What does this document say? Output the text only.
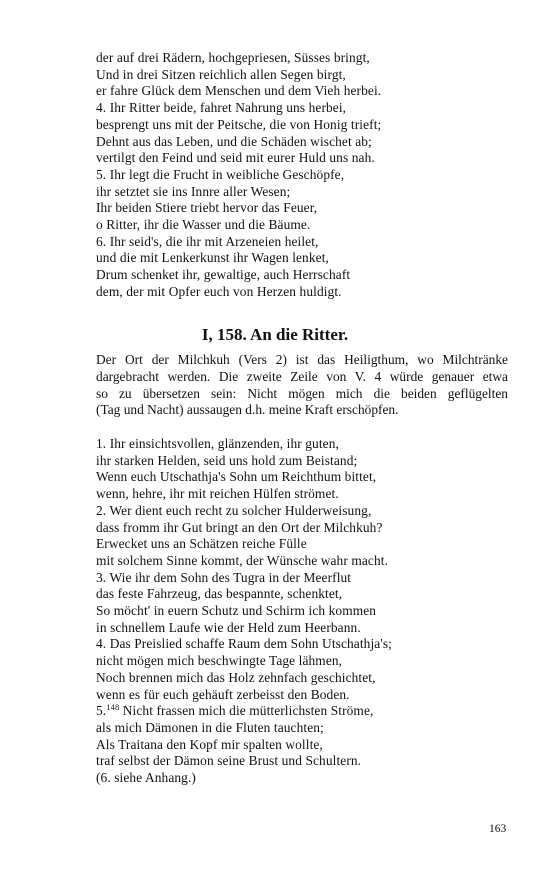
der auf drei Rädern, hochgepriesen, Süsses bringt,
Und in drei Sitzen reichlich allen Segen birgt,
er fahre Glück dem Menschen und dem Vieh herbei.
4. Ihr Ritter beide, fahret Nahrung uns herbei,
besprengt uns mit der Peitsche, die von Honig trieft;
Dehnt aus das Leben, und die Schäden wischet ab;
vertilgt den Feind und seid mit eurer Huld uns nah.
5. Ihr legt die Frucht in weibliche Geschöpfe,
ihr setztet sie ins Innre aller Wesen;
Ihr beiden Stiere triebt hervor das Feuer,
o Ritter, ihr die Wasser und die Bäume.
6. Ihr seid's, die ihr mit Arzeneien heilet,
und die mit Lenkerkunst ihr Wagen lenket,
Drum schenket ihr, gewaltige, auch Herrschaft
dem, der mit Opfer euch von Herzen huldigt.
I, 158. An die Ritter.
Der Ort der Milchkuh (Vers 2) ist das Heiligthum, wo Milchtränke
dargebracht werden. Die zweite Zeile von V. 4 würde genauer etwa
so zu übersetzen sein: Nicht mögen mich die beiden geflügelten
(Tag und Nacht) aussaugen d.h. meine Kraft erschöpfen.
1. Ihr einsichtsvollen, glänzenden, ihr guten,
ihr starken Helden, seid uns hold zum Beistand;
Wenn euch Utschathja's Sohn um Reichthum bittet,
wenn, hehre, ihr mit reichen Hülfen strömet.
2. Wer dient euch recht zu solcher Hulderweisung,
dass fromm ihr Gut bringt an den Ort der Milchkuh?
Erwecket uns an Schätzen reiche Fülle
mit solchem Sinne kommt, der Wünsche wahr macht.
3. Wie ihr dem Sohn des Tugra in der Meerflut
das feste Fahrzeug, das bespannte, schenktet,
So möcht' in euern Schutz und Schirm ich kommen
in schnellem Laufe wie der Held zum Heerbann.
4. Das Preislied schaffe Raum dem Sohn Utschathja's;
nicht mögen mich beschwingte Tage lähmen,
Noch brennen mich das Holz zehnfach geschichtet,
wenn es für euch gehäuft zerbeisst den Boden.
5.$^{148}$ Nicht frassen mich die mütterlichsten Ströme,
als mich Dämonen in die Fluten tauchten;
Als Traitana den Kopf mir spalten wollte,
traf selbst der Dämon seine Brust und Schultern.
(6. siehe Anhang.)
163
